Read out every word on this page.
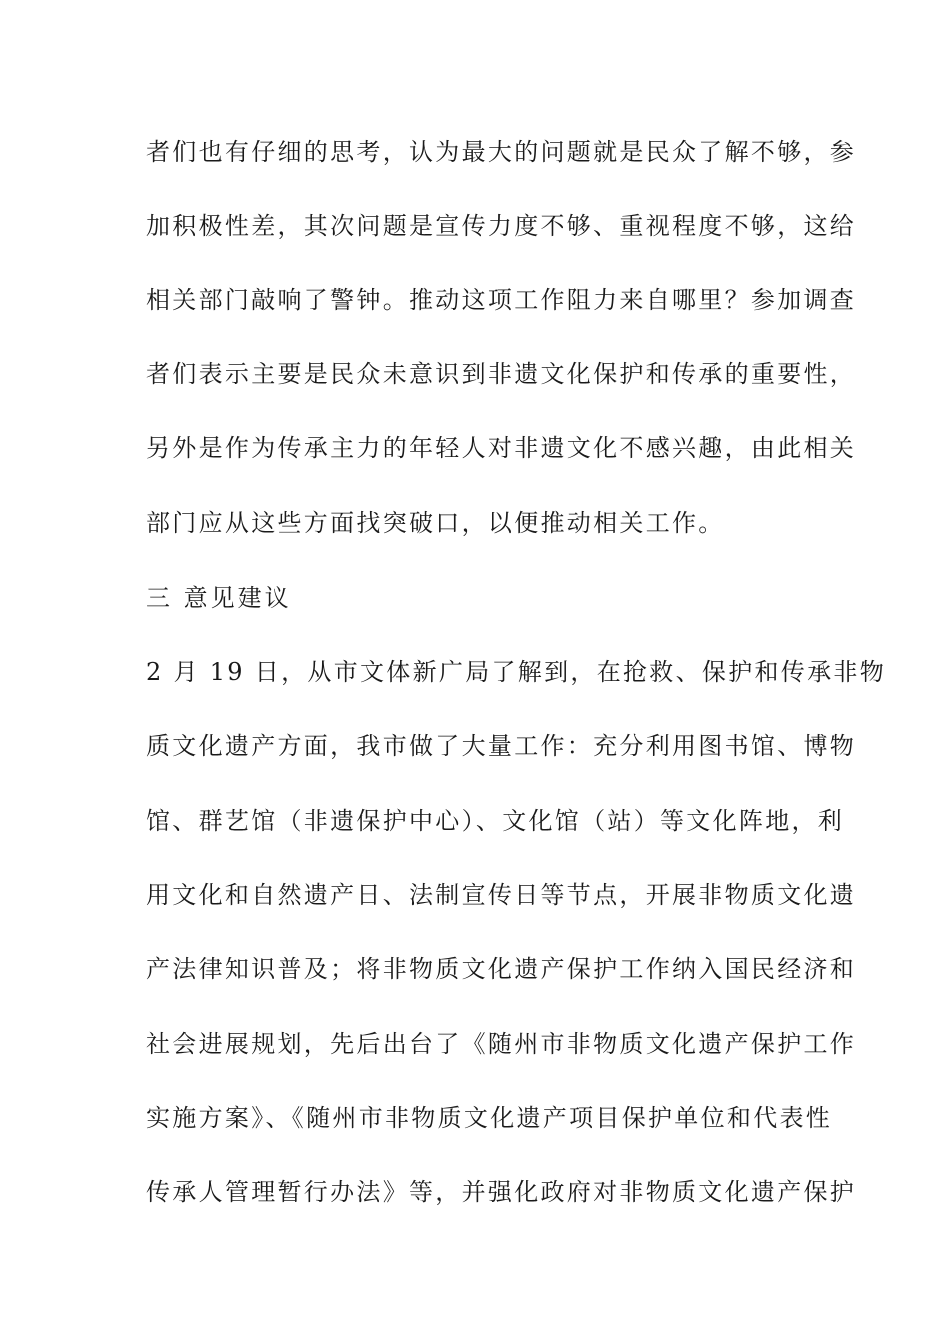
者们也有仔细的思考，认为最大的问题就是民众了解不够，参
加积极性差，其次问题是宣传力度不够、重视程度不够，这给
相关部门敲响了警钟。推动这项工作阻力来自哪里？参加调查
者们表示主要是民众未意识到非遗文化保护和传承的重要性，
另外是作为传承主力的年轻人对非遗文化不感兴趣，由此相关
部门应从这些方面找突破口，以便推动相关工作。
三 意见建议
2 月 19 日，从市文体新广局了解到，在抢救、保护和传承非物
质文化遗产方面，我市做了大量工作：充分利用图书馆、博物
馆、群艺馆（非遗保护中心）、文化馆（站）等文化阵地，利
用文化和自然遗产日、法制宣传日等节点，开展非物质文化遗
产法律知识普及；将非物质文化遗产保护工作纳入国民经济和
社会进展规划，先后出台了《随州市非物质文化遗产保护工作
实施方案》、《随州市非物质文化遗产项目保护单位和代表性
传承人管理暂行办法》等，并强化政府对非物质文化遗产保护
